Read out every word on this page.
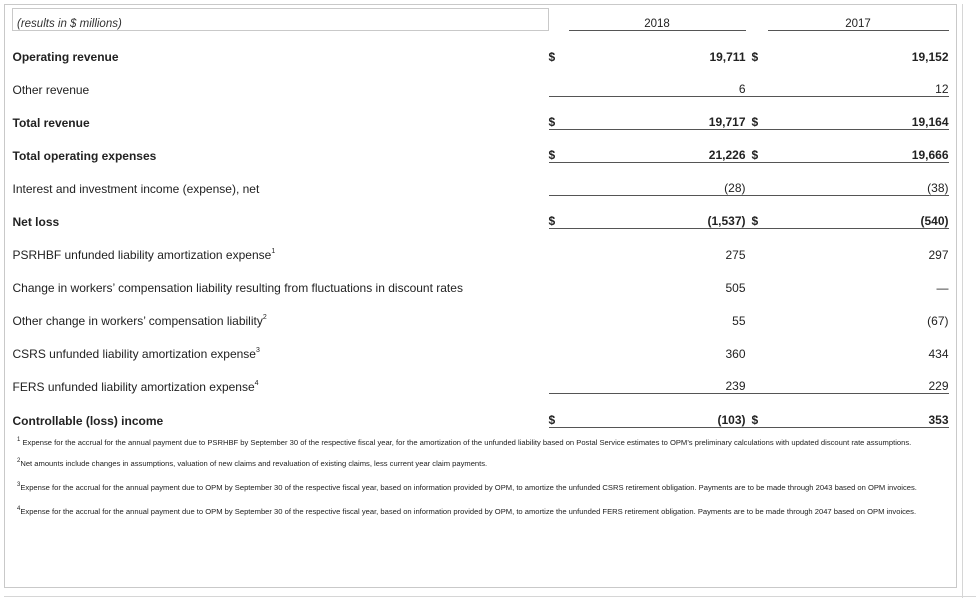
(results in $ millions)		2018		2017
Operating revenue	$	19,711	$	19,152
Other revenue		6		12
Total revenue	$	19,717	$	19,164
Total operating expenses	$	21,226	$	19,666
Interest and investment income (expense), net		(28)		(38)
Net loss	$	(1,537)	$	(540)
PSRHBF unfunded liability amortization expense$^1$		275		297
Change in workers’ compensation liability resulting from fluctuations in discount rates		505		—
Other change in workers’ compensation liability$^2$		55		(67)
CSRS unfunded liability amortization expense$^3$		360		434
FERS unfunded liability amortization expense$^4$		239		229
Controllable (loss) income	$	(103)	$	353

$^1$ Expense for the accrual for the annual payment due to PSRHBF by September 30 of the respective fiscal year, for the amortization of the unfunded liability based on Postal Service estimates to OPM’s preliminary calculations with updated discount rate assumptions.

$^2$Net amounts include changes in assumptions, valuation of new claims and revaluation of existing claims, less current year claim payments.

$^3$Expense for the accrual for the annual payment due to OPM by September 30 of the respective fiscal year, based on information provided by OPM, to amortize the unfunded CSRS retirement obligation. Payments are to be made through 2043 based on OPM invoices.

$^4$Expense for the accrual for the annual payment due to OPM by September 30 of the respective fiscal year, based on information provided by OPM, to amortize the unfunded FERS retirement obligation. Payments are to be made through 2047 based on OPM invoices.
